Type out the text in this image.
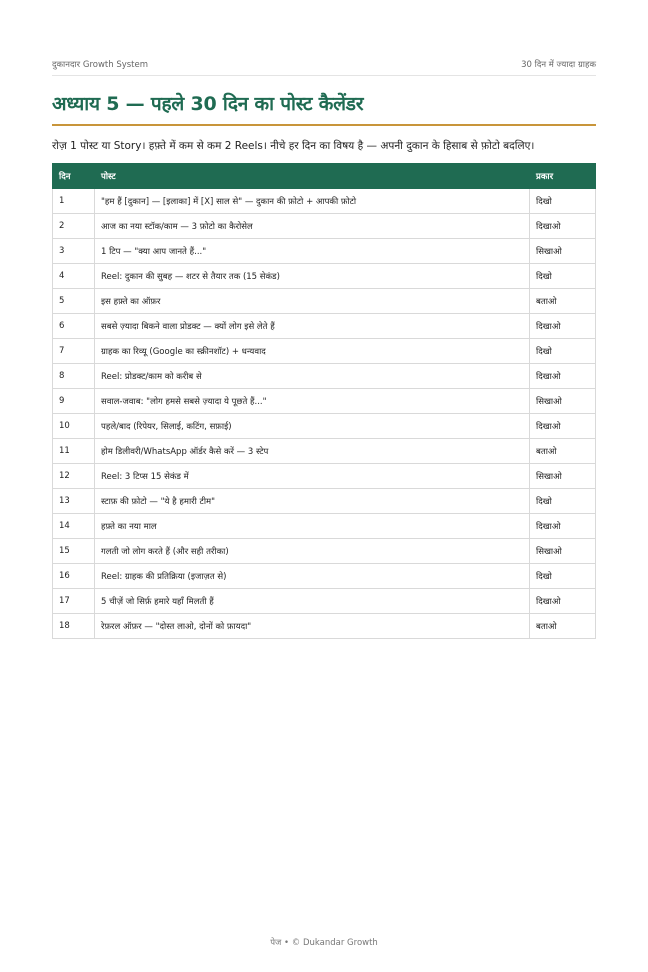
दुकानदार Growth System	30 दिन में ज्यादा ग्राहक
अध्याय 5 — पहले 30 दिन का पोस्ट कैलेंडर
रोज़ 1 पोस्ट या Story। हफ़्ते में कम से कम 2 Reels। नीचे हर दिन का विषय है — अपनी दुकान के हिसाब से फ़ोटो बदलिए।
दिन	पोस्ट	प्रकार
1	"हम हैं [दुकान] — [इलाका] में [X] साल से" — दुकान की फ़ोटो + आपकी फ़ोटो	दिखो
2	आज का नया स्टॉक/काम — 3 फ़ोटो का कैरोसेल	दिखाओ
3	1 टिप — "क्या आप जानते हैं..."	सिखाओ
4	Reel: दुकान की सुबह — शटर से तैयार तक (15 सेकंड)	दिखो
5	इस हफ़्ते का ऑफ़र	बताओ
6	सबसे ज़्यादा बिकने वाला प्रोडक्ट — क्यों लोग इसे लेते हैं	दिखाओ
7	ग्राहक का रिव्यू (Google का स्क्रीनशॉट) + धन्यवाद	दिखो
8	Reel: प्रोडक्ट/काम को करीब से	दिखाओ
9	सवाल-जवाब: "लोग हमसे सबसे ज़्यादा ये पूछते हैं..."	सिखाओ
10	पहले/बाद (रिपेयर, सिलाई, कटिंग, सफ़ाई)	दिखाओ
11	होम डिलीवरी/WhatsApp ऑर्डर कैसे करें — 3 स्टेप	बताओ
12	Reel: 3 टिप्स 15 सेकंड में	सिखाओ
13	स्टाफ़ की फ़ोटो — "ये है हमारी टीम"	दिखो
14	हफ़्ते का नया माल	दिखाओ
15	गलती जो लोग करते हैं (और सही तरीका)	सिखाओ
16	Reel: ग्राहक की प्रतिक्रिया (इजाज़त से)	दिखो
17	5 चीज़ें जो सिर्फ़ हमारे यहाँ मिलती हैं	दिखाओ
18	रेफ़रल ऑफ़र — "दोस्त लाओ, दोनों को फ़ायदा"	बताओ
पेज • © Dukandar Growth
